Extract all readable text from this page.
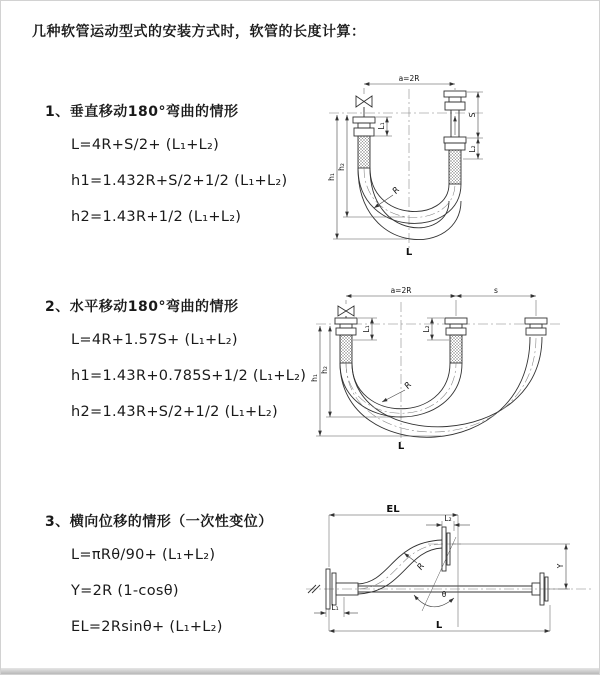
几种软管运动型式的安装方式时，软管的长度计算：
1、垂直移动180°弯曲的情形

L=4R+S/2+ (L₁+L₂)

h1=1.432R+S/2+1/2 (L₁+L₂)

h2=1.43R+1/2 (L₁+L₂)

a=2R
L₁
S
L₂
h₁
h₂
R
L
2、水平移动180°弯曲的情形

L=4R+1.57S+ (L₁+L₂)

h1=1.43R+0.785S+1/2 (L₁+L₂)

h2=1.43R+S/2+1/2 (L₁+L₂)

a=2R	s
L₁	L₂
h₁
h₂
R
L
3、横向位移的情形（一次性变位）

L=πRθ/90+ (L₁+L₂)

Y=2R (1-cosθ)

EL=2Rsinθ+ (L₁+L₂)

EL
L₂
Y
L₁
L
R
θ
